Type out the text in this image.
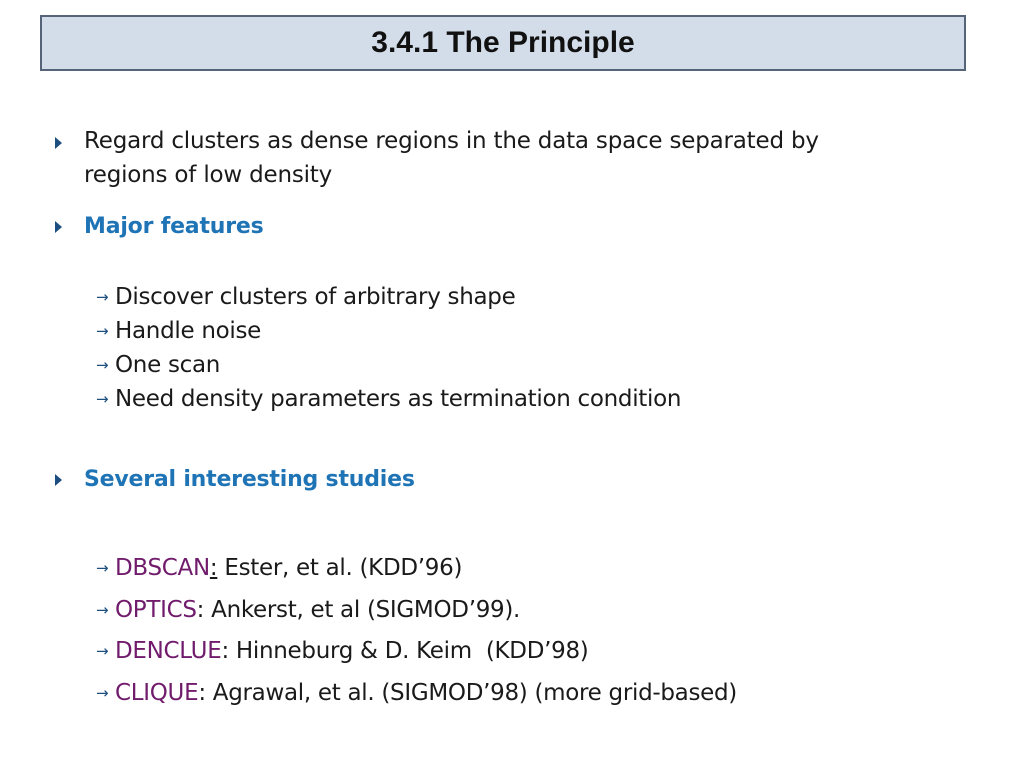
3.4.1 The Principle
Regard clusters as dense regions in the data space separated by
regions of low density
Major features
→ Discover clusters of arbitrary shape
→ Handle noise
→ One scan
→ Need density parameters as termination condition
Several interesting studies
→ DBSCAN: Ester, et al. (KDD’96)
→ OPTICS: Ankerst, et al (SIGMOD’99).
→ DENCLUE: Hinneburg & D. Keim  (KDD’98)
→ CLIQUE: Agrawal, et al. (SIGMOD’98) (more grid-based)
